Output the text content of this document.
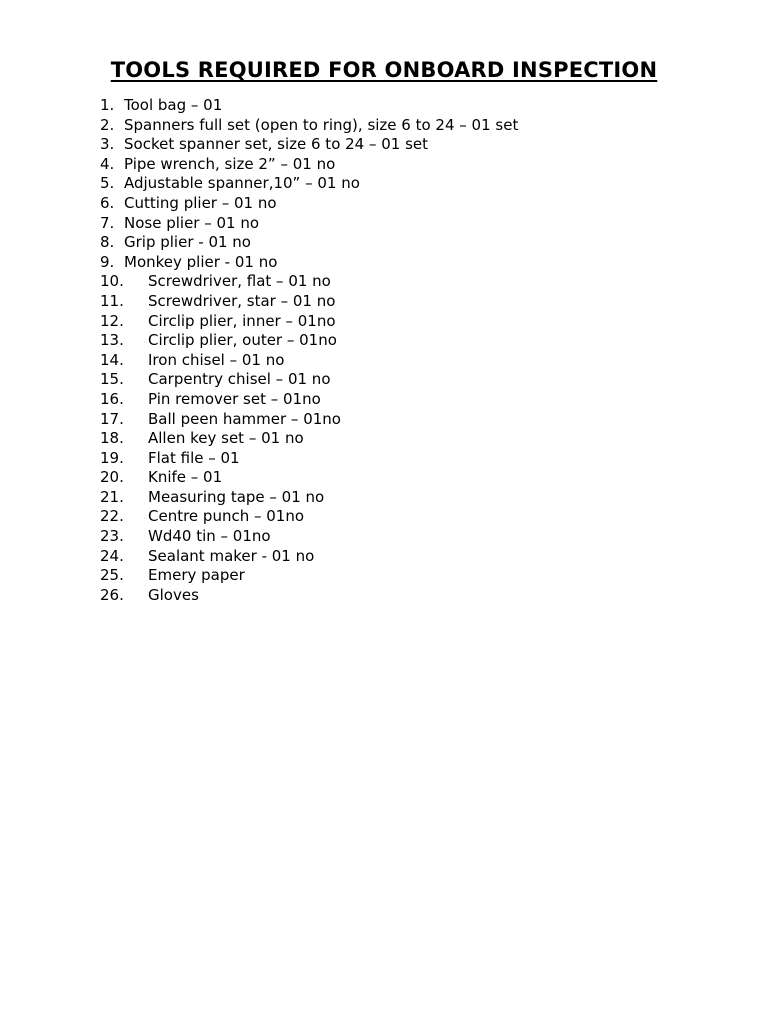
TOOLS REQUIRED FOR ONBOARD INSPECTION
1. Tool bag – 01
2. Spanners full set (open to ring), size 6 to 24 – 01 set
3. Socket spanner set, size 6 to 24 – 01 set
4. Pipe wrench, size 2” – 01 no
5. Adjustable spanner,10” – 01 no
6. Cutting plier – 01 no
7. Nose plier – 01 no
8. Grip plier - 01 no
9. Monkey plier - 01 no
10. Screwdriver, flat – 01 no
11. Screwdriver, star – 01 no
12. Circlip plier, inner – 01no
13. Circlip plier, outer – 01no
14. Iron chisel – 01 no
15. Carpentry chisel – 01 no
16. Pin remover set – 01no
17. Ball peen hammer – 01no
18. Allen key set – 01 no
19. Flat file – 01
20. Knife – 01
21. Measuring tape – 01 no
22. Centre punch – 01no
23. Wd40 tin – 01no
24. Sealant maker - 01 no
25. Emery paper
26. Gloves
